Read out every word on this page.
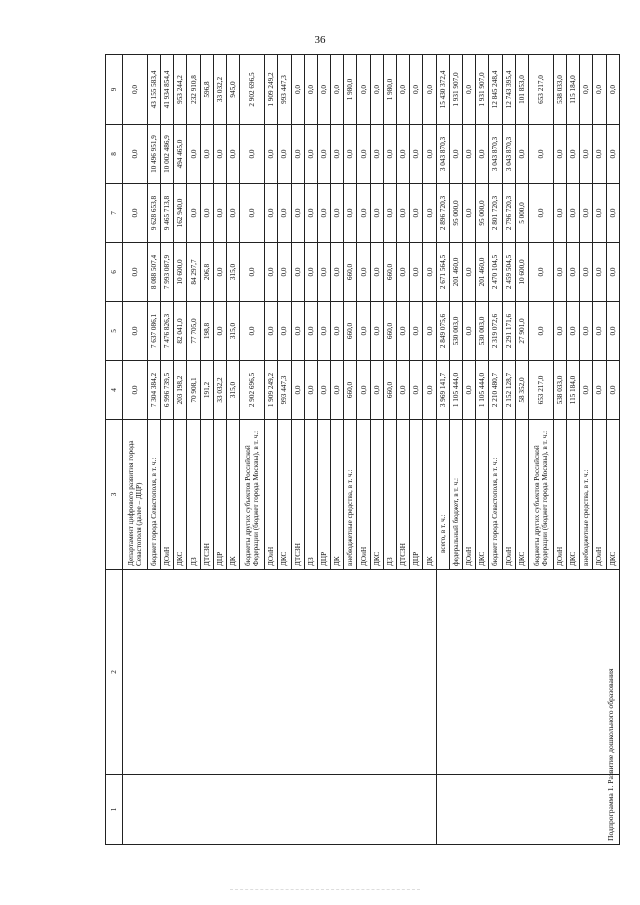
36
1	2	3	4	5	6	7	8	9
		Департамент цифрового развития города Севастополя (далее – ДЦР)	0,0	0,0	0,0	0,0	0,0	0,0
		бюджет города Севастополя, в т. ч.:	7 304 384,2	7 637 086,1	8 088 507,4	9 628 653,8	10 496 951,9	43 155 583,4
		ДОиН	6 996 739,5	7 476 826,3	7 993 087,9	9 465 713,8	10 002 486,9	41 934 854,4
		ДКС	203 198,2	82 041,0	10 600,0	162 940,0	494 465,0	953 244,2
		ДЗ	70 908,1	77 705,0	84 297,7	0,0	0,0	232 910,8
		ДТСЗН	191,2	198,8	206,8	0,0	0,0	596,8
		ДЦР	33 032,2	0,0	0,0	0,0	0,0	33 032,2
		ДК	315,0	315,0	315,0	0,0	0,0	945,0
		бюджеты других субъектов Российской Федерации (бюджет города Москвы), в т. ч.:	2 902 696,5	0,0	0,0	0,0	0,0	2 902 696,5
		ДОиН	1 909 249,2	0,0	0,0	0,0	0,0	1 909 249,2
		ДКС	993 447,3	0,0	0,0	0,0	0,0	993 447,3
		ДТСЗН	0,0	0,0	0,0	0,0	0,0	0,0
		ДЗ	0,0	0,0	0,0	0,0	0,0	0,0
		ДЦР	0,0	0,0	0,0	0,0	0,0	0,0
		ДК	0,0	0,0	0,0	0,0	0,0	0,0
		внебюджетные средства, в т. ч.:	660,0	660,0	660,0	0,0	0,0	1 980,0
		ДОиН	0,0	0,0	0,0	0,0	0,0	0,0
		ДКС	0,0	0,0	0,0	0,0	0,0	0,0
		ДЗ	660,0	660,0	660,0	0,0	0,0	1 980,0
		ДТСЗН	0,0	0,0	0,0	0,0	0,0	0,0
		ДЦР	0,0	0,0	0,0	0,0	0,0	0,0
		ДК	0,0	0,0	0,0	0,0	0,0	0,0
Подпрограмма 1. Развитие дошкольного образования		всего, в т. ч.:	3 969 141,7	2 849 075,6	2 671 564,5	2 896 720,3	3 043 870,3	15 430 372,4
		федеральный бюджет, в т. ч.:	1 105 444,0	530 003,0	201 460,0	95 000,0	0,0	1 931 907,0
		ДОиН	0,0	0,0	0,0	0,0	0,0	0,0
		ДКС	1 105 444,0	530 003,0	201 460,0	95 000,0	0,0	1 931 907,0
		бюджет города Севастополя, в т. ч.:	2 210 480,7	2 319 072,6	2 470 104,5	2 801 720,3	3 043 870,3	12 845 248,4
		ДОиН	2 152 128,7	2 291 171,6	2 459 504,5	2 796 720,3	3 043 870,3	12 743 395,4
		ДКС	58 352,0	27 901,0	10 600,0	5 000,0	0,0	101 853,0
		бюджеты других субъектов Российской Федерации (бюджет города Москвы), в т. ч.:	653 217,0	0,0	0,0	0,0	0,0	653 217,0
		ДОиН	538 033,0	0,0	0,0	0,0	0,0	538 033,0
		ДКС	115 184,0	0,0	0,0	0,0	0,0	115 184,0
		внебюджетные средства, в т. ч.:	0,0	0,0	0,0	0,0	0,0	0,0
		ДОиН	0,0	0,0	0,0	0,0	0,0	0,0
		ДКС	0,0	0,0	0,0	0,0	0,0	0,0
